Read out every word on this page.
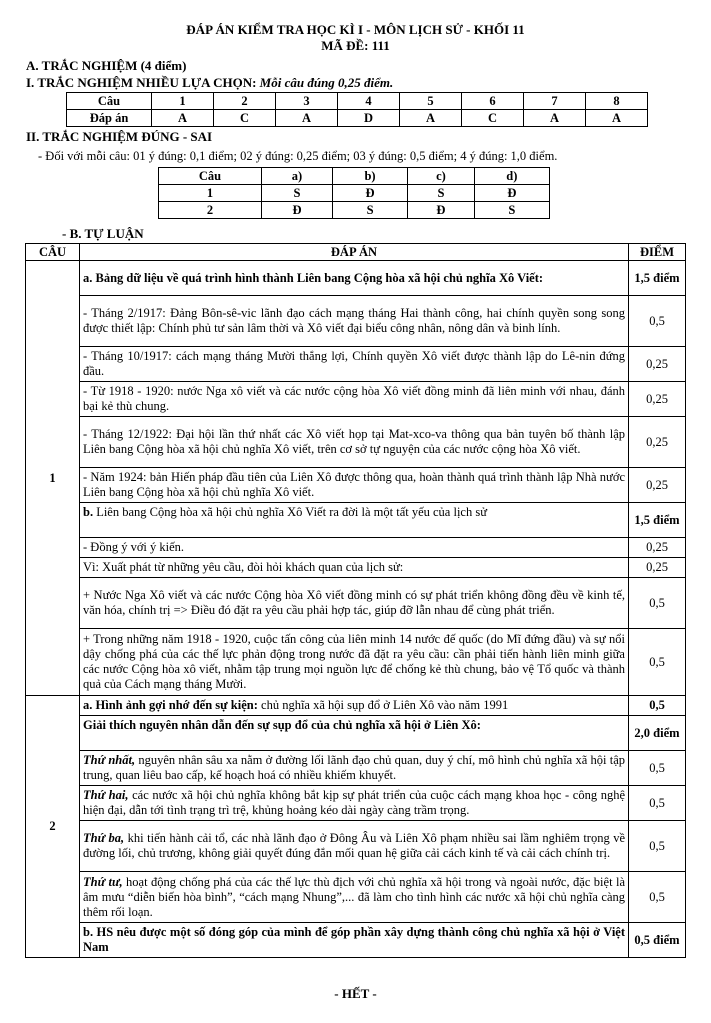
ĐÁP ÁN KIỂM TRA HỌC KÌ I - MÔN LỊCH SỬ - KHỐI 11
MÃ ĐỀ: 111
A. TRẮC NGHIỆM (4 điểm)
I. TRẮC NGHIỆM NHIỀU LỰA CHỌN: Mỗi câu đúng 0,25 điểm.
Câu	1	2	3	4	5	6	7	8
Đáp án	A	C	A	D	A	C	A	A
II. TRẮC NGHIỆM ĐÚNG - SAI
- Đối với mỗi câu: 01 ý đúng: 0,1 điểm; 02 ý đúng: 0,25 điểm; 03 ý đúng: 0,5 điểm; 4 ý đúng: 1,0 điểm.
Câu	a)	b)	c)	d)
1	S	Đ	S	Đ
2	Đ	S	Đ	S
- B. TỰ LUẬN
CÂU	ĐÁP ÁN	ĐIỂM
1	a. Bảng dữ liệu về quá trình hình thành Liên bang Cộng hòa xã hội chủ nghĩa Xô Viết:	1,5 điểm
	- Tháng 2/1917: Đảng Bôn-sê-vic lãnh đạo cách mạng tháng Hai thành công, hai chính quyền song song được thiết lập: Chính phủ tư sản lâm thời và Xô viết đại biểu công nhân, nông dân và binh lính.	0,5
	- Tháng 10/1917: cách mạng tháng Mười thắng lợi, Chính quyền Xô viết được thành lập do Lê-nin đứng đầu.	0,25
	- Từ 1918 - 1920: nước Nga xô viết và các nước cộng hòa Xô viết đồng minh đã liên minh với nhau, đánh bại kẻ thù chung.	0,25
	- Tháng 12/1922: Đại hội lần thứ nhất các Xô viết họp tại Mat-xco-va thông qua bản tuyên bố thành lập Liên bang Cộng hòa xã hội chủ nghĩa Xô viết, trên cơ sở tự nguyện của các nước cộng hòa Xô viết.	0,25
	- Năm 1924: bản Hiến pháp đầu tiên của Liên Xô được thông qua, hoàn thành quá trình thành lập Nhà nước Liên bang Cộng hòa xã hội chủ nghĩa Xô viết.	0,25
	b. Liên bang Cộng hòa xã hội chủ nghĩa Xô Viết ra đời là một tất yếu của lịch sử	1,5 điểm
	- Đồng ý với ý kiến.	0,25
	Vì: Xuất phát từ những yêu cầu, đòi hỏi khách quan của lịch sử:	0,25
	+ Nước Nga Xô viết và các nước Cộng hòa Xô viết đồng minh có sự phát triển không đồng đều về kinh tế, văn hóa, chính trị => Điều đó đặt ra yêu cầu phải hợp tác, giúp đỡ lẫn nhau để cùng phát triển.	0,5
	+ Trong những năm 1918 - 1920, cuộc tấn công của liên minh 14 nước đế quốc (do Mĩ đứng đầu) và sự nổi dậy chống phá của các thế lực phản động trong nước đã đặt ra yêu cầu: cần phải tiến hành liên minh giữa các nước Cộng hòa xô viết, nhằm tập trung mọi nguồn lực để chống kẻ thù chung, bảo vệ Tổ quốc và thành quả của Cách mạng tháng Mười.	0,5
2	a. Hình ảnh gợi nhớ đến sự kiện: chủ nghĩa xã hội sụp đổ ở Liên Xô vào năm 1991	0,5
	Giải thích nguyên nhân dẫn đến sự sụp đổ của chủ nghĩa xã hội ở Liên Xô:	2,0 điểm
	Thứ nhất, nguyên nhân sâu xa nằm ở đường lối lãnh đạo chủ quan, duy ý chí, mô hình chủ nghĩa xã hội tập trung, quan liêu bao cấp, kế hoạch hoá có nhiều khiếm khuyết.	0,5
	Thứ hai, các nước xã hội chủ nghĩa không bắt kịp sự phát triển của cuộc cách mạng khoa học - công nghệ hiện đại, dẫn tới tình trạng trì trệ, khủng hoảng kéo dài ngày càng trầm trọng.	0,5
	Thứ ba, khi tiến hành cải tổ, các nhà lãnh đạo ở Đông Âu và Liên Xô phạm nhiều sai lầm nghiêm trọng về đường lối, chủ trương, không giải quyết đúng đắn mối quan hệ giữa cải cách kinh tế và cải cách chính trị.	0,5
	Thứ tư, hoạt động chống phá của các thế lực thù địch với chủ nghĩa xã hội trong và ngoài nước, đặc biệt là âm mưu “diễn biến hòa bình”, “cách mạng Nhung”,... đã làm cho tình hình các nước xã hội chủ nghĩa càng thêm rối loạn.	0,5
	b. HS nêu được một số đóng góp của mình để góp phần xây dựng thành công chủ nghĩa xã hội ở Việt Nam	0,5 điểm
- HẾT -
